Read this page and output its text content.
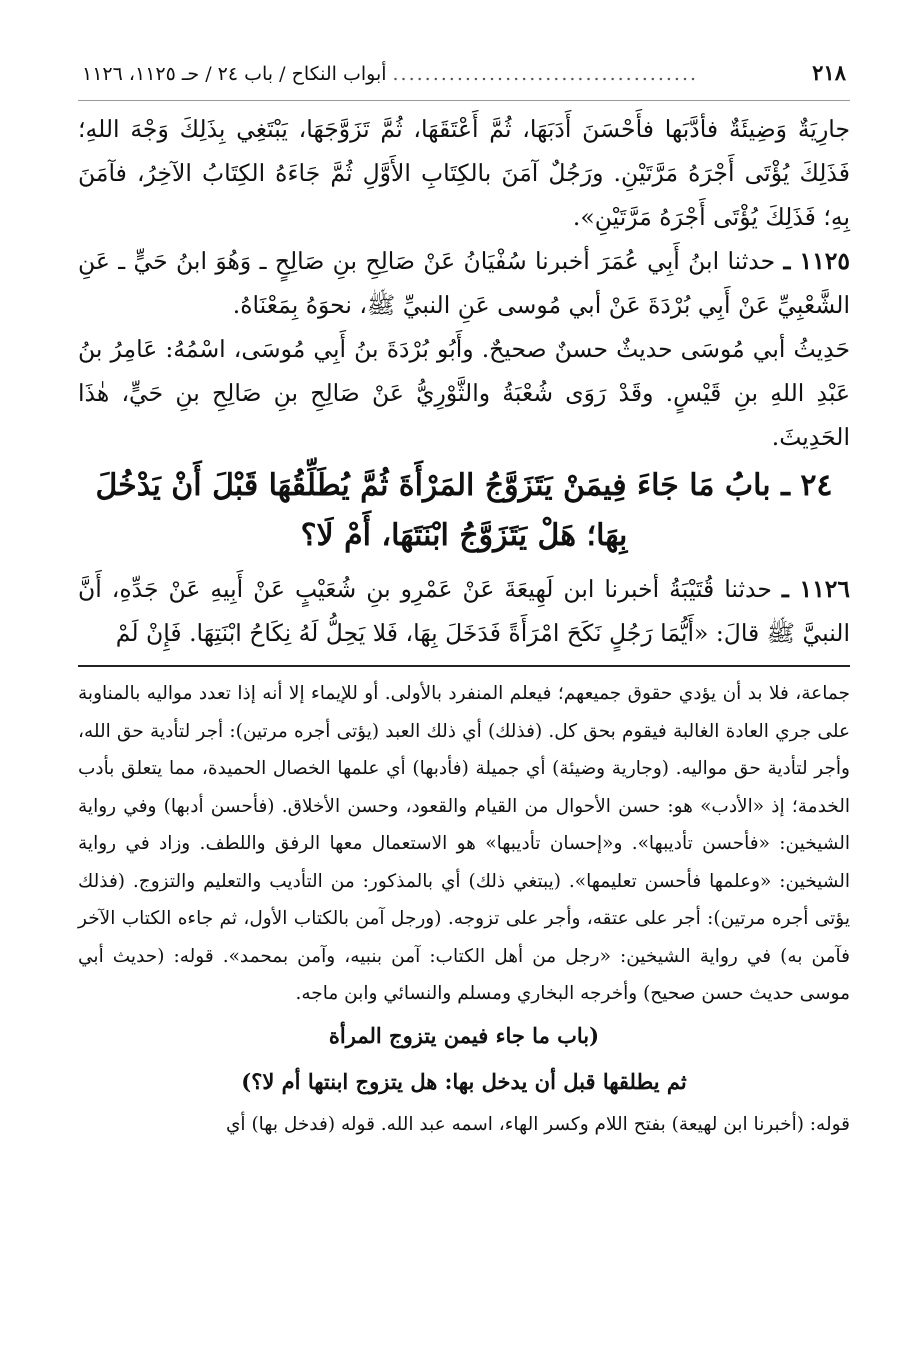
٢١٨
......................................
أبواب النكاح / باب ٢٤ / حـ ١١٢٥، ١١٢٦

جارِيَةٌ وَضِيئَةٌ فأدَّبَها فأَحْسَنَ أَدَبَهَا، ثُمَّ أَعْتَقَهَا، ثُمَّ تَزَوَّجَهَا، يَبْتَغِي بِذَلِكَ وَجْهَ اللهِ؛ فَذَلِكَ يُؤْتَى أَجْرَهُ مَرَّتَيْنِ. ورَجُلٌ آمَنَ بالكِتَابِ الأَوَّلِ ثُمَّ جَاءَهُ الكِتَابُ الآخِرُ، فآمَنَ بِهِ؛ فَذَلِكَ يُؤْتَى أَجْرَهُ مَرَّتَيْنِ».

١١٢٥ ـ حدثنا ابنُ أَبِي عُمَرَ أخبرنا سُفْيَانُ عَنْ صَالِحِ بنِ صَالِحٍ ـ وَهُوَ ابنُ حَيٍّ ـ عَنِ الشَّعْبِيِّ عَنْ أَبِي بُرْدَةَ عَنْ أبي مُوسى عَنِ النبيِّ ﷺ، نحوَهُ بِمَعْنَاهُ.

حَدِيثُ أبي مُوسَى حديثٌ حسنٌ صحيحٌ. وأَبُو بُرْدَةَ بنُ أَبِي مُوسَى، اسْمُهُ: عَامِرُ بنُ عَبْدِ اللهِ بنِ قَيْسٍ. وقَدْ رَوَى شُعْبَةُ والثَّوْرِيُّ عَنْ صَالِحِ بنِ صَالِحِ بنِ حَيٍّ، هٰذَا الحَدِيثَ.

٢٤ ـ بابُ مَا جَاءَ فِيمَنْ يَتَزَوَّجُ المَرْأَةَ ثُمَّ يُطَلِّقُهَا قَبْلَ أَنْ يَدْخُلَ بِهَا؛ هَلْ يَتَزَوَّجُ ابْنَتَهَا، أَمْ لَا؟

١١٢٦ ـ حدثنا قُتَيْبَةُ أخبرنا ابن لَهِيعَةَ عَنْ عَمْرِو بنِ شُعَيْبٍ عَنْ أَبِيهِ عَنْ جَدِّهِ، أَنَّ النبيَّ ﷺ قالَ: «أَيُّمَا رَجُلٍ نَكَحَ امْرَأَةً فَدَخَلَ بِهَا، فَلا يَحِلُّ لَهُ نِكَاحُ ابْنَتِهَا. فَإِنْ لَمْ

جماعة، فلا بد أن يؤدي حقوق جميعهم؛ فيعلم المنفرد بالأولى. أو للإيماء إلا أنه إذا تعدد مواليه بالمناوبة على جري العادة الغالبة فيقوم بحق كل. (فذلك) أي ذلك العبد (يؤتى أجره مرتين): أجر لتأدية حق الله، وأجر لتأدية حق مواليه. (وجارية وضيئة) أي جميلة (فأدبها) أي علمها الخصال الحميدة، مما يتعلق بأدب الخدمة؛ إذ «الأدب» هو: حسن الأحوال من القيام والقعود، وحسن الأخلاق. (فأحسن أدبها) وفي رواية الشيخين: «فأحسن تأديبها». و«إحسان تأديبها» هو الاستعمال معها الرفق واللطف. وزاد في رواية الشيخين: «وعلمها فأحسن تعليمها». (يبتغي ذلك) أي بالمذكور: من التأديب والتعليم والتزوج. (فذلك يؤتى أجره مرتين): أجر على عتقه، وأجر على تزوجه. (ورجل آمن بالكتاب الأول، ثم جاءه الكتاب الآخر فآمن به) في رواية الشيخين: «رجل من أهل الكتاب: آمن بنبيه، وآمن بمحمد». قوله: (حديث أبي موسى حديث حسن صحيح) وأخرجه البخاري ومسلم والنسائي وابن ماجه.

(باب ما جاء فيمن يتزوج المرأة
ثم يطلقها قبل أن يدخل بها: هل يتزوج ابنتها أم لا؟)

قوله: (أخبرنا ابن لهيعة) بفتح اللام وكسر الهاء، اسمه عبد الله. قوله (فدخل بها) أي
